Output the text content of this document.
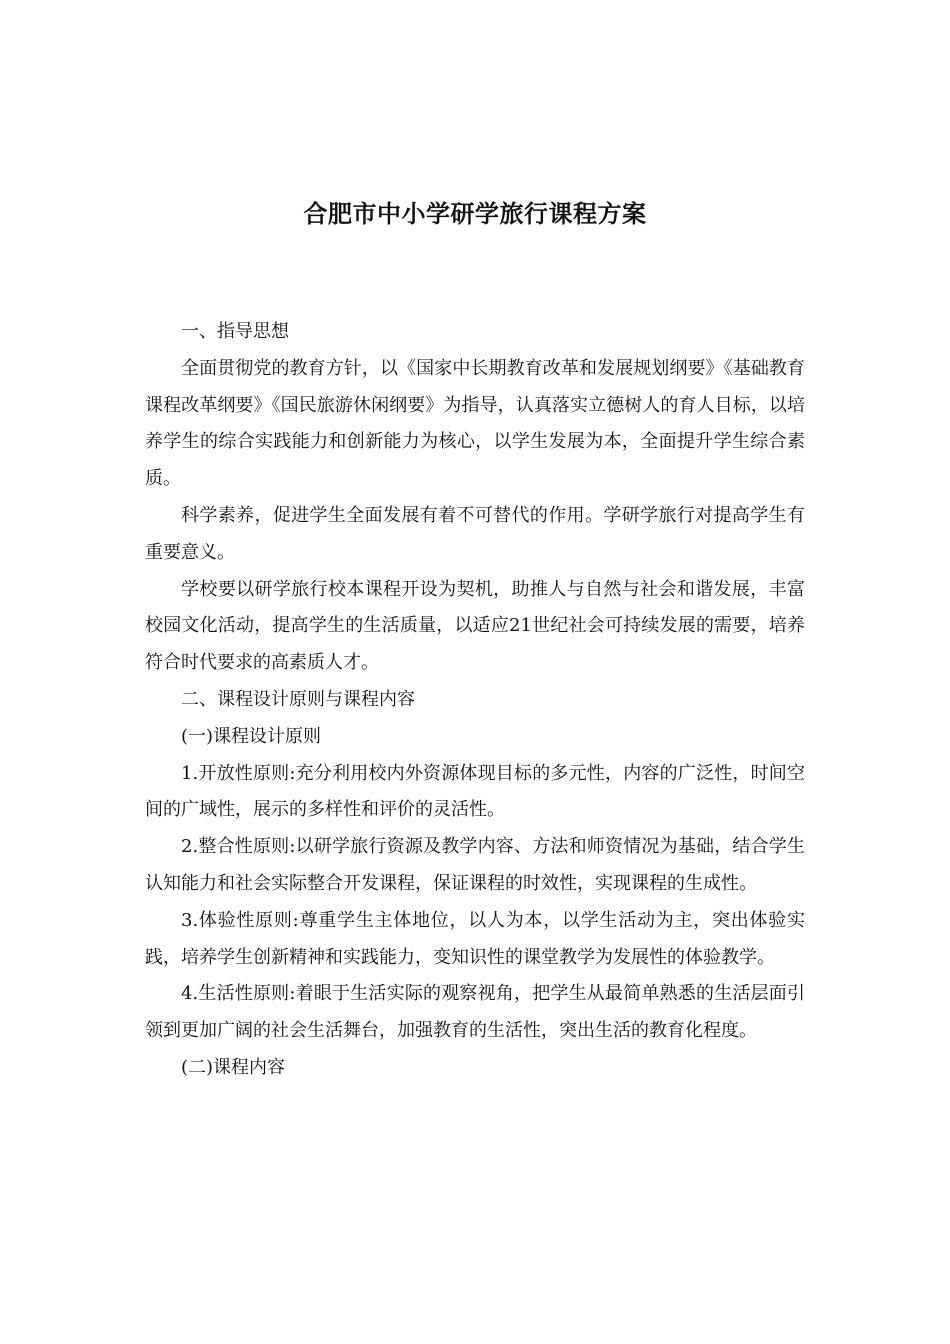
合肥市中小学研学旅行课程方案

一、指导思想

全面贯彻党的教育方针，以《国家中长期教育改革和发展规划纲要》《基础教育课程改革纲要》《国民旅游休闲纲要》为指导，认真落实立德树人的育人目标，以培养学生的综合实践能力和创新能力为核心，以学生发展为本，全面提升学生综合素质。

科学素养，促进学生全面发展有着不可替代的作用。学研学旅行对提高学生有重要意义。

学校要以研学旅行校本课程开设为契机，助推人与自然与社会和谐发展，丰富校园文化活动，提高学生的生活质量，以适应21世纪社会可持续发展的需要，培养符合时代要求的高素质人才。

二、课程设计原则与课程内容

(一)课程设计原则

1.开放性原则:充分利用校内外资源体现目标的多元性，内容的广泛性，时间空间的广域性，展示的多样性和评价的灵活性。

2.整合性原则:以研学旅行资源及教学内容、方法和师资情况为基础，结合学生认知能力和社会实际整合开发课程，保证课程的时效性，实现课程的生成性。

3.体验性原则:尊重学生主体地位，以人为本，以学生活动为主，突出体验实践，培养学生创新精神和实践能力，变知识性的课堂教学为发展性的体验教学。

4.生活性原则:着眼于生活实际的观察视角，把学生从最简单熟悉的生活层面引领到更加广阔的社会生活舞台，加强教育的生活性，突出生活的教育化程度。

(二)课程内容
